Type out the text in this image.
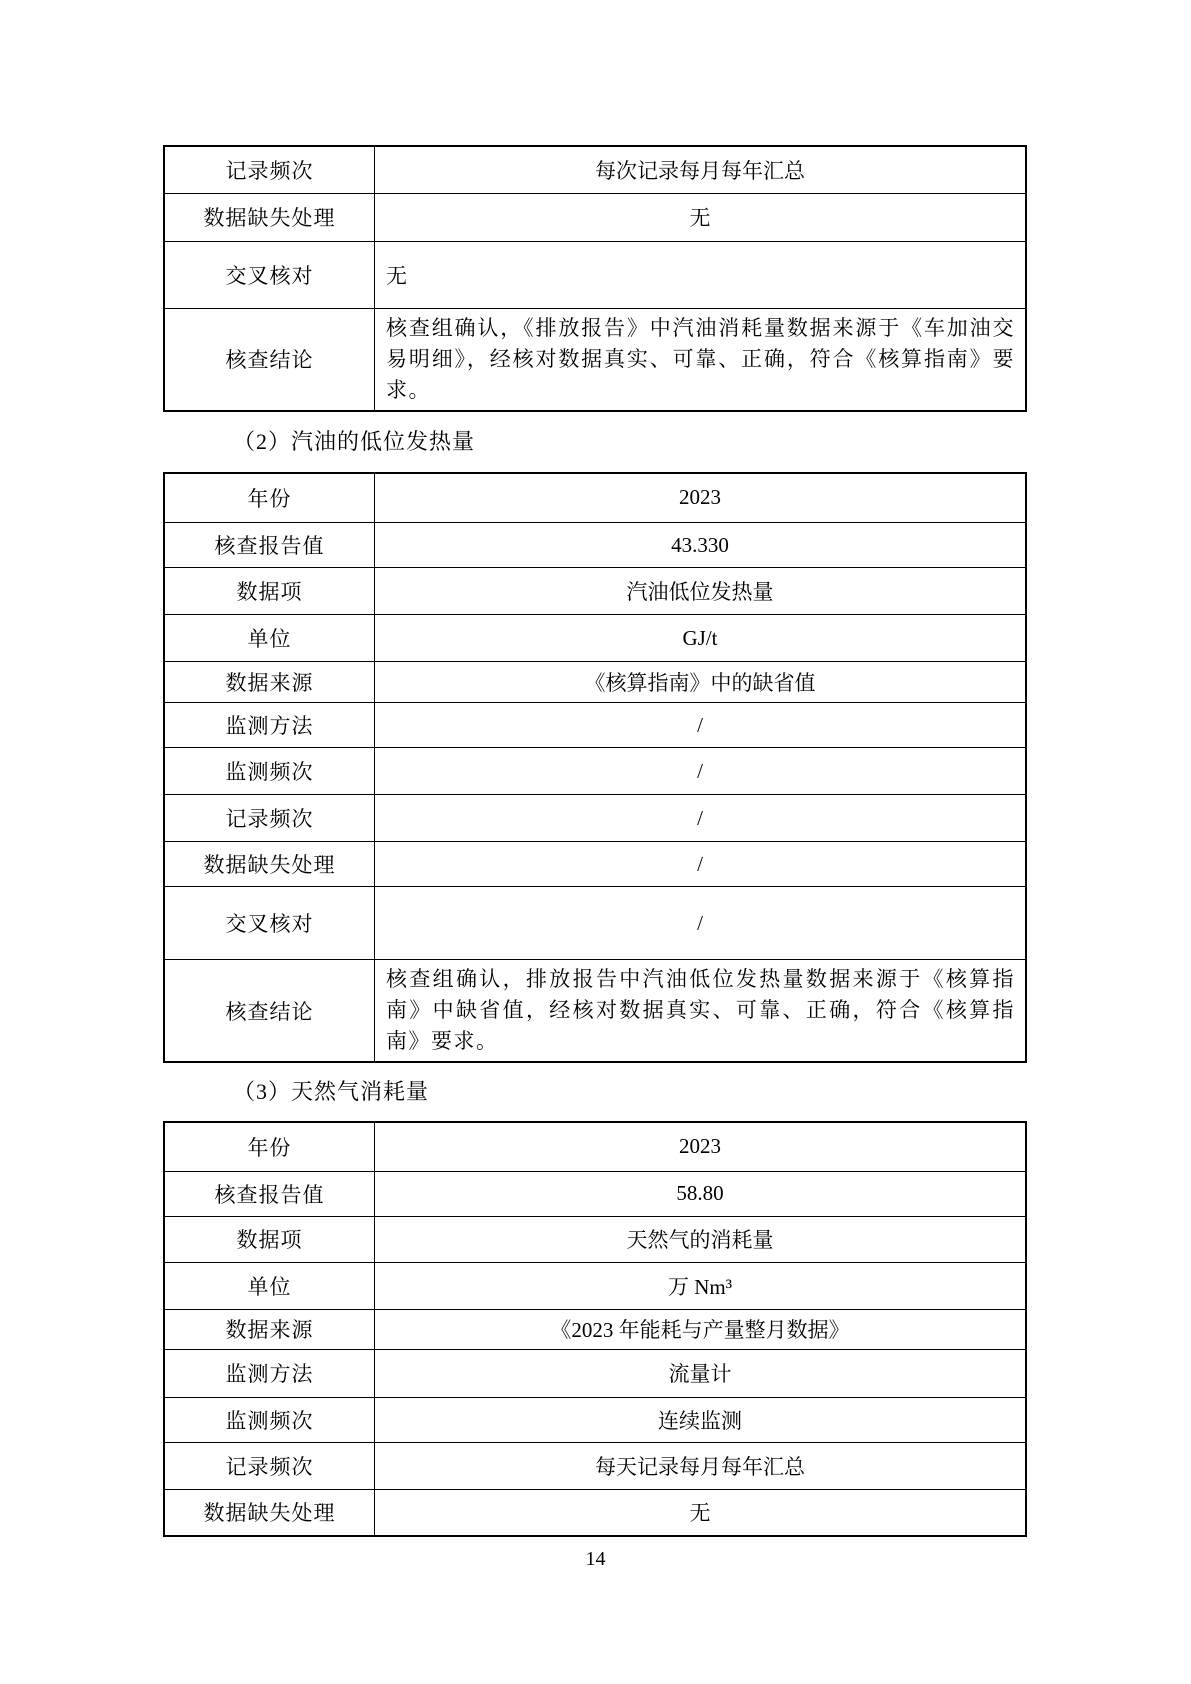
记录频次	每次记录每月每年汇总
数据缺失处理	无
交叉核对	无
核查结论	核查组确认，《排放报告》中汽油消耗量数据来源于《车加油交易明细》，经核对数据真实、可靠、正确，符合《核算指南》要求。
（2）汽油的低位发热量
年份	2023
核查报告值	43.330
数据项	汽油低位发热量
单位	GJ/t
数据来源	《核算指南》中的缺省值
监测方法	/
监测频次	/
记录频次	/
数据缺失处理	/
交叉核对	/
核查结论	核查组确认，排放报告中汽油低位发热量数据来源于《核算指南》中缺省值，经核对数据真实、可靠、正确，符合《核算指南》要求。
（3）天然气消耗量
年份	2023
核查报告值	58.80
数据项	天然气的消耗量
单位	万 Nm³
数据来源	《2023 年能耗与产量整月数据》
监测方法	流量计
监测频次	连续监测
记录频次	每天记录每月每年汇总
数据缺失处理	无
14
